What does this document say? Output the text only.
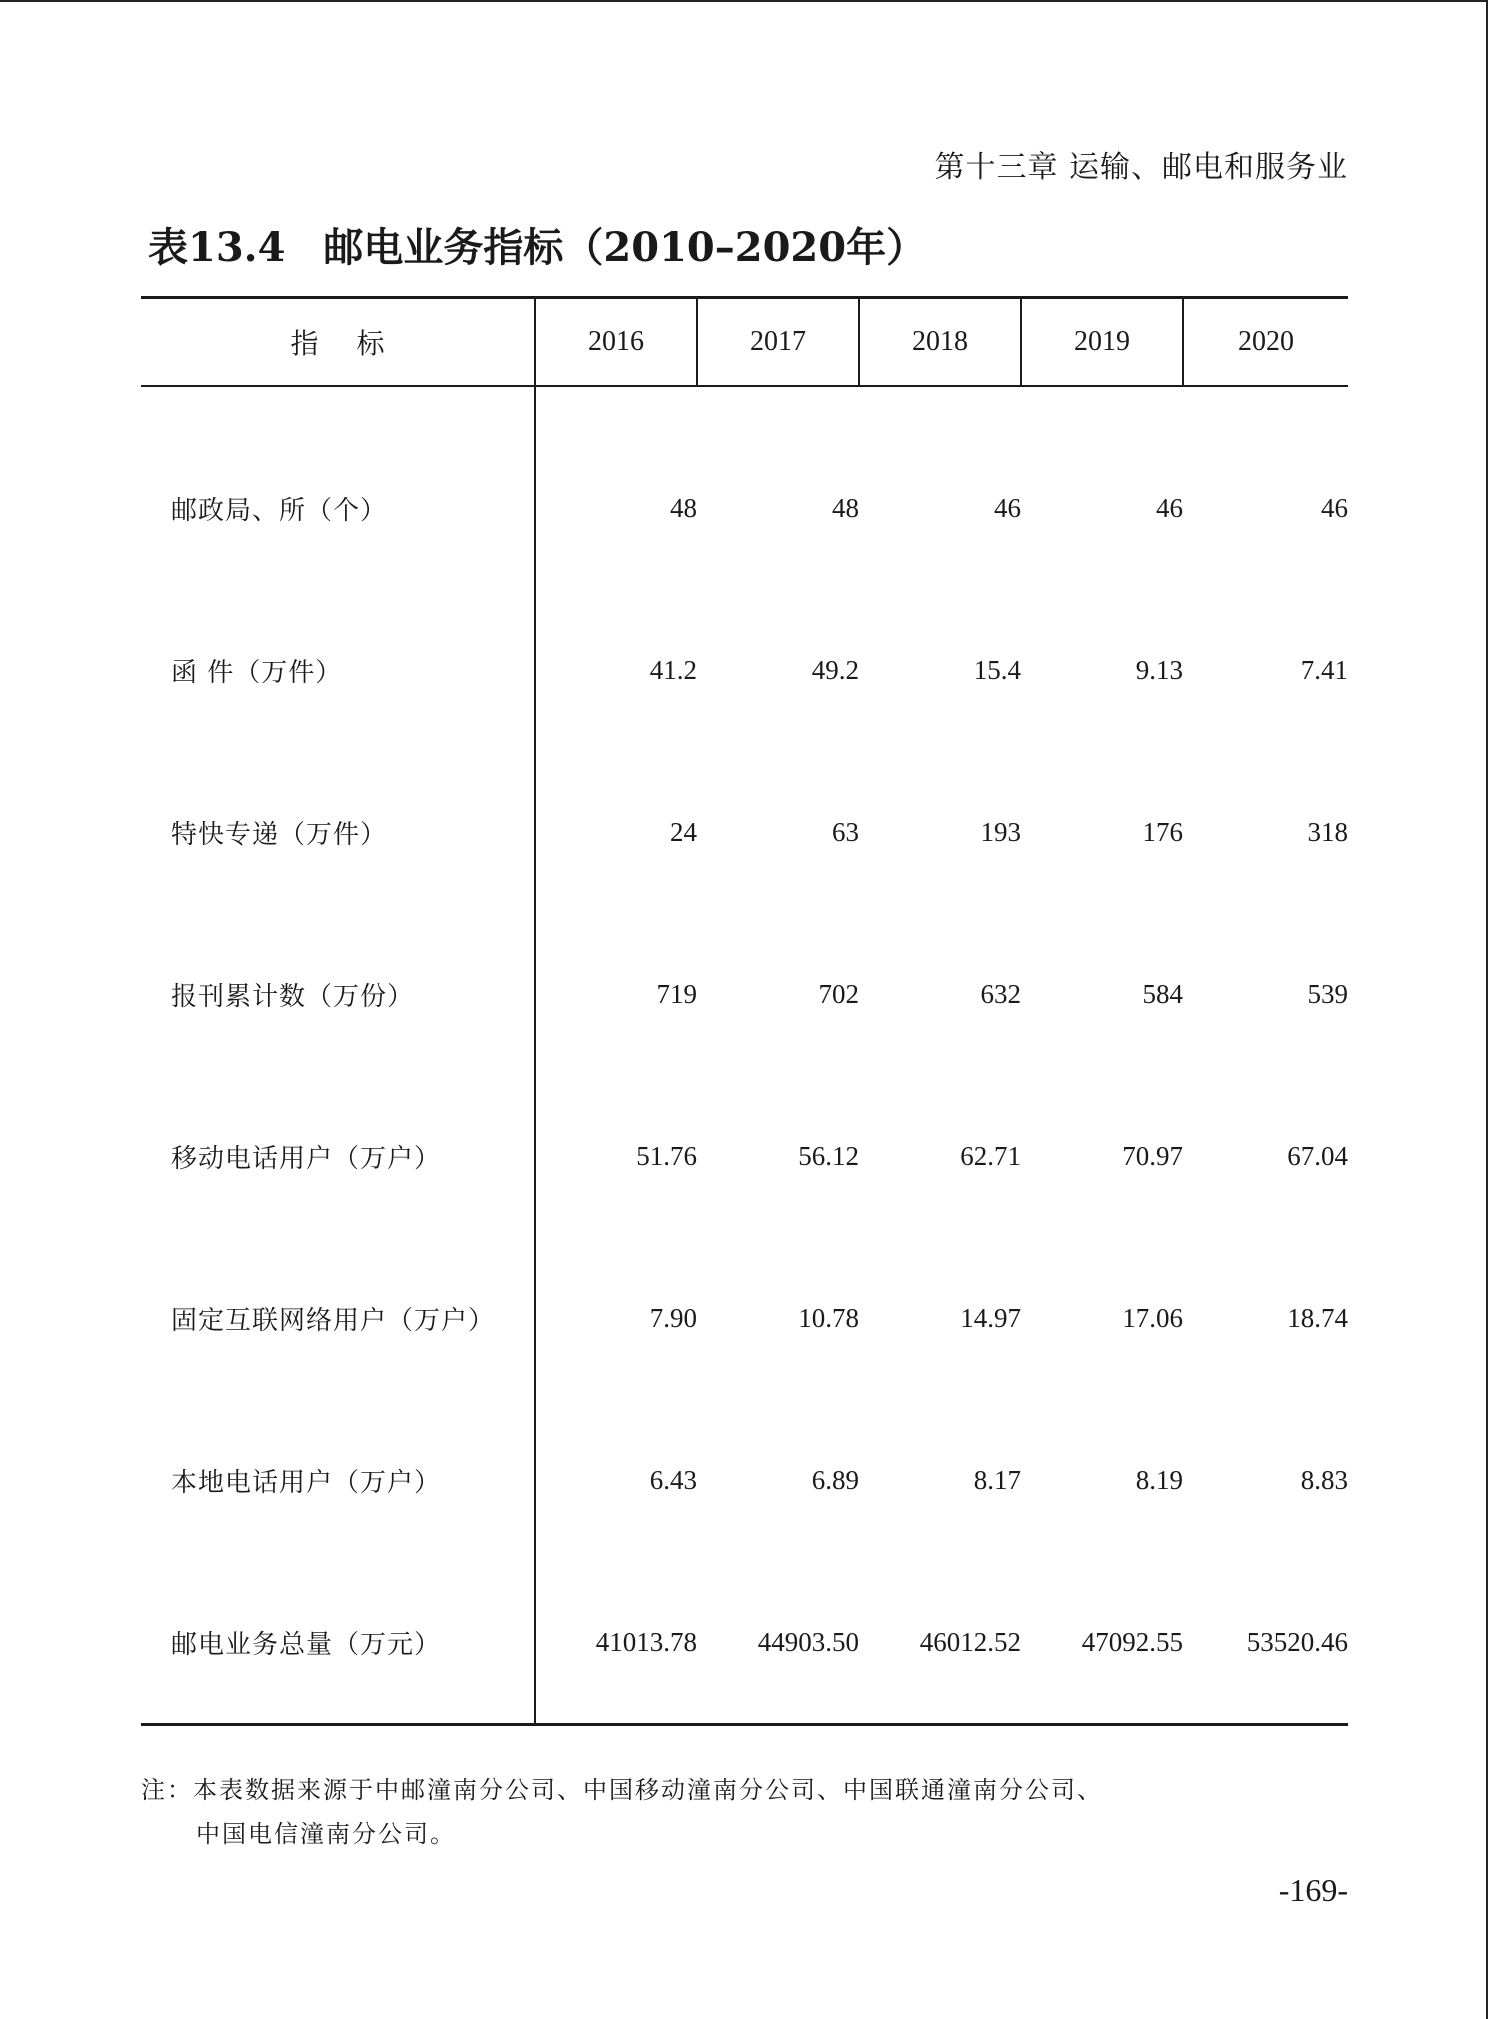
第十三章 运输、邮电和服务业
表13.4 邮电业务指标（2010–2020年）
指标	2016	2017	2018	2019	2020
邮政局、所（个）	48	48	46	46	46
函 件（万件）	41.2	49.2	15.4	9.13	7.41
特快专递（万件）	24	63	193	176	318
报刊累计数（万份）	719	702	632	584	539
移动电话用户（万户）	51.76	56.12	62.71	70.97	67.04
固定互联网络用户（万户）	7.90	10.78	14.97	17.06	18.74
本地电话用户（万户）	6.43	6.89	8.17	8.19	8.83
邮电业务总量（万元）	41013.78	44903.50	46012.52	47092.55	53520.46
注：本表数据来源于中邮潼南分公司、中国移动潼南分公司、中国联通潼南分公司、
中国电信潼南分公司。
-169-
